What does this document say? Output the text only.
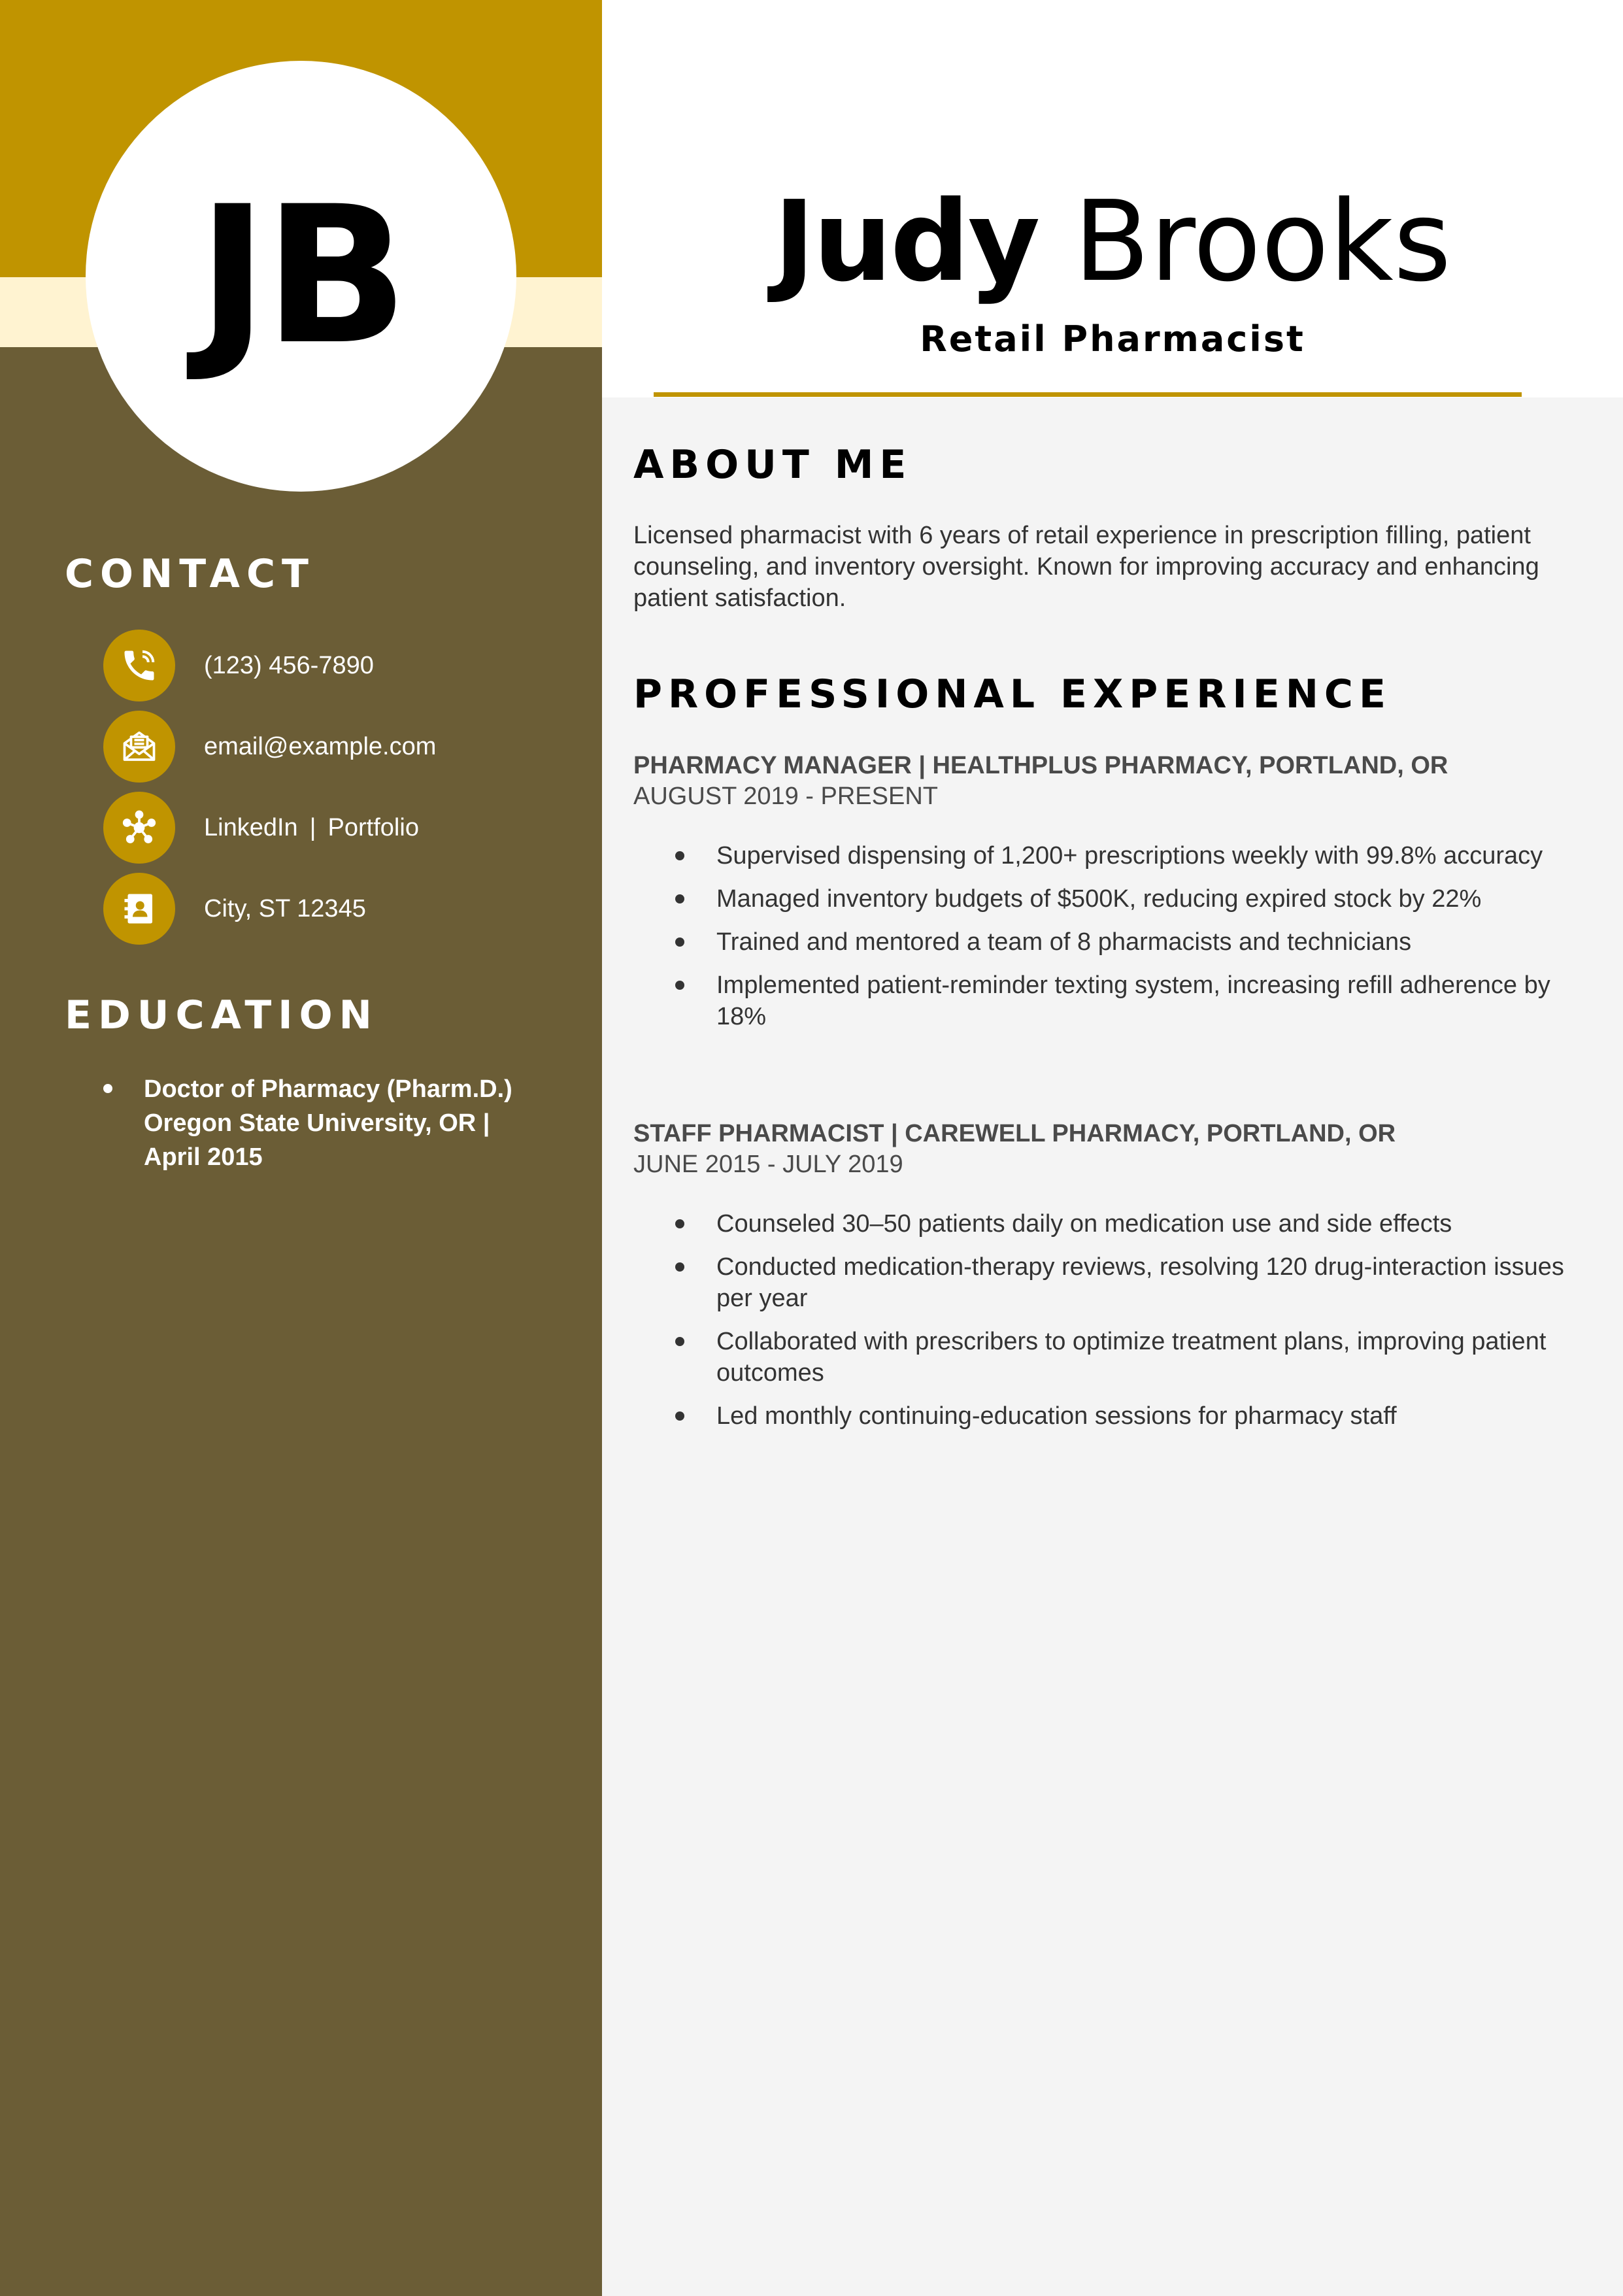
JB
CONTACT
(123) 456-7890
email@example.com
LinkedIn | Portfolio
City, ST 12345
EDUCATION
Doctor of Pharmacy (Pharm.D.)
Oregon State University, OR |
April 2015
Judy Brooks
Retail Pharmacist
ABOUT ME

Licensed pharmacist with 6 years of retail experience in prescription filling, patient counseling, and inventory oversight. Known for improving accuracy and enhancing patient satisfaction.

PROFESSIONAL EXPERIENCE
PHARMACY MANAGER | HEALTHPLUS PHARMACY, PORTLAND, OR
AUGUST 2019 - PRESENT
Supervised dispensing of 1,200+ prescriptions weekly with 99.8% accuracy
Managed inventory budgets of $500K, reducing expired stock by 22%
Trained and mentored a team of 8 pharmacists and technicians
Implemented patient-reminder texting system, increasing refill adherence by 18%
STAFF PHARMACIST | CAREWELL PHARMACY, PORTLAND, OR
JUNE 2015 - JULY 2019
Counseled 30–50 patients daily on medication use and side effects
Conducted medication-therapy reviews, resolving 120 drug-interaction issues per year
Collaborated with prescribers to optimize treatment plans, improving patient outcomes
Led monthly continuing-education sessions for pharmacy staff
